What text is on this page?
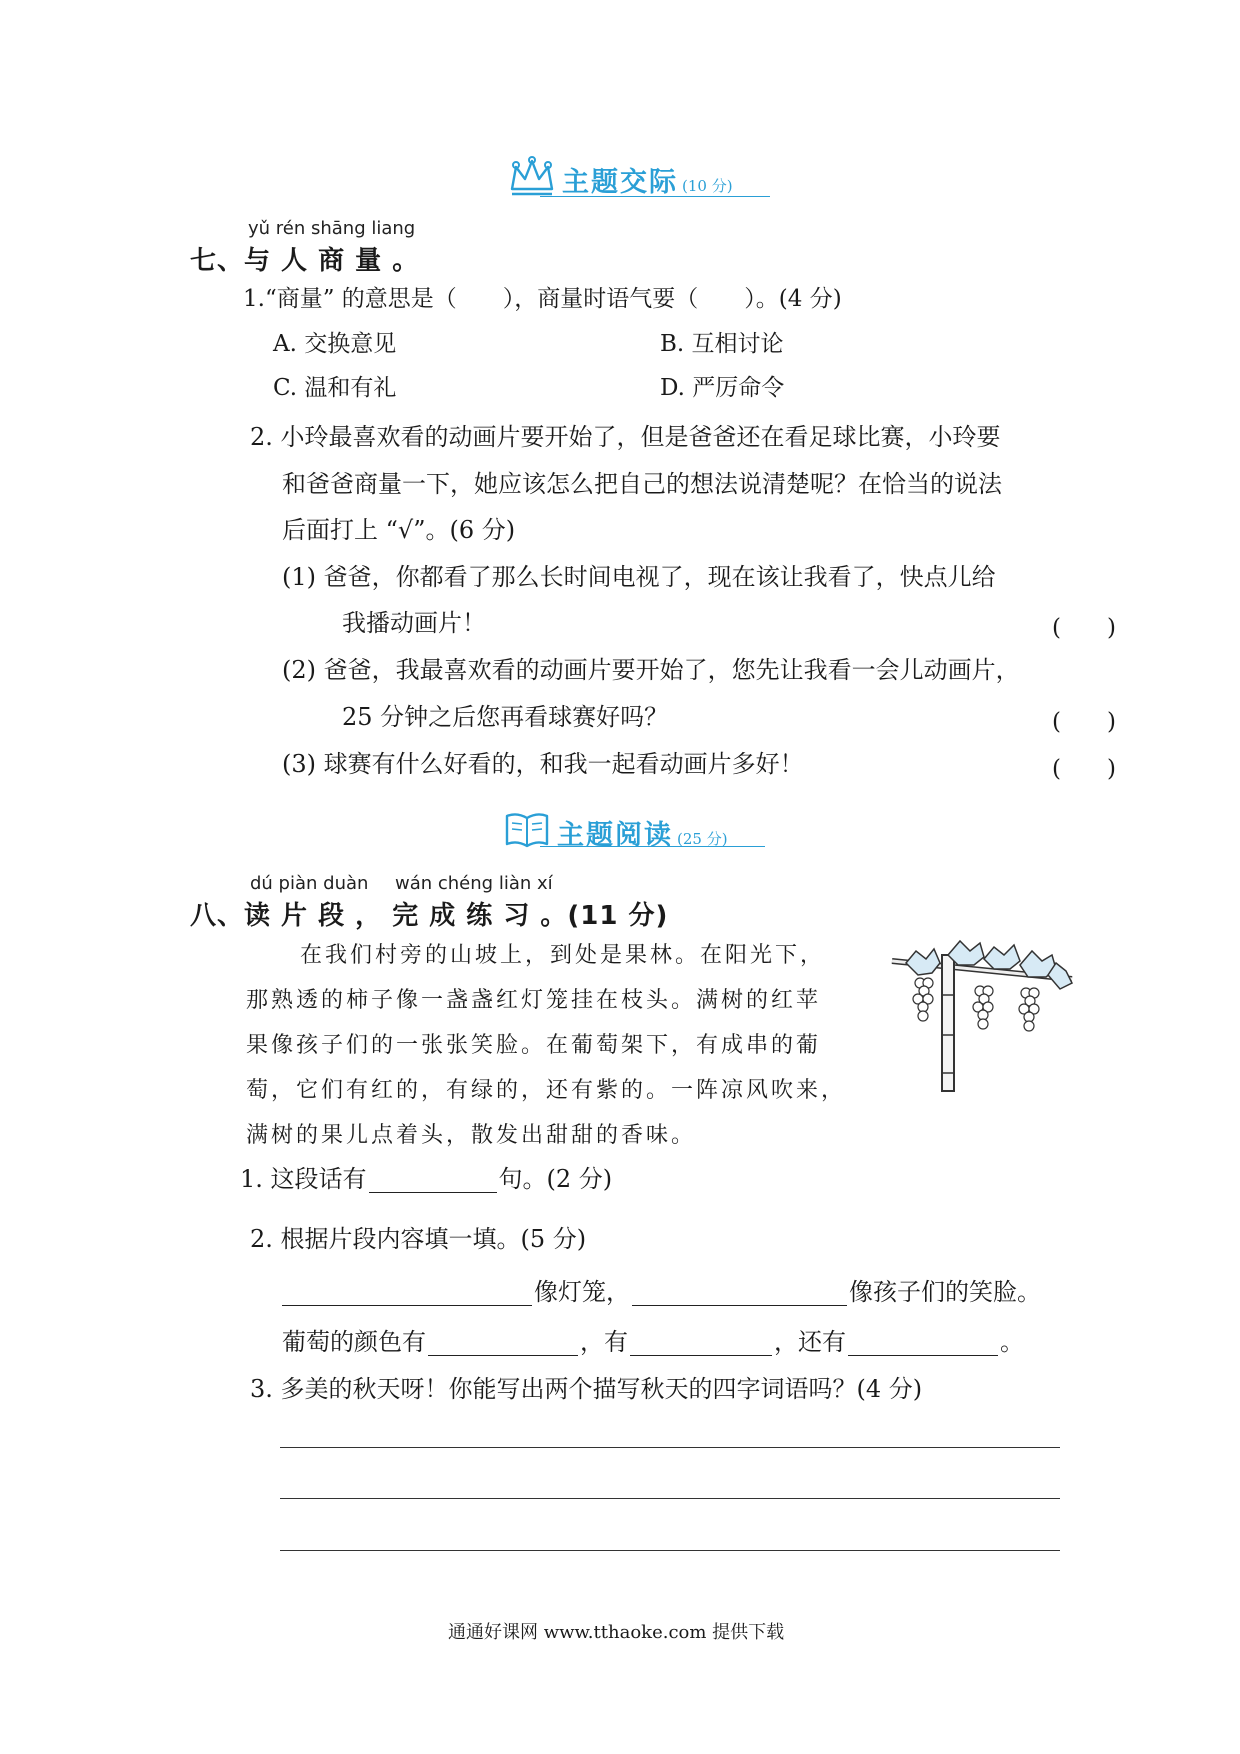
主题交际 (10 分)
yǔ rén shāng liang
七、与 人 商 量 。
1.“商量” 的意思是（　　），商量时语气要（　　）。(4 分)
A. 交换意见	B. 互相讨论
C. 温和有礼	D. 严厉命令
2. 小玲最喜欢看的动画片要开始了，但是爸爸还在看足球比赛，小玲要
和爸爸商量一下，她应该怎么把自己的想法说清楚呢？在恰当的说法
后面打上 “√”。(6 分)
(1) 爸爸，你都看了那么长时间电视了，现在该让我看了，快点儿给
我播动画片！	(　　)
(2) 爸爸，我最喜欢看的动画片要开始了，您先让我看一会儿动画片，
25 分钟之后您再看球赛好吗？	(　　)
(3) 球赛有什么好看的，和我一起看动画片多好！	(　　)
主题阅读 (25 分)
dú piàn duàn wán chéng liàn xí
八、读 片 段 ， 完 成 练 习 。(11 分)
在我们村旁的山坡上，到处是果林。在阳光下，
那熟透的柿子像一盏盏红灯笼挂在枝头。满树的红苹
果像孩子们的一张张笑脸。在葡萄架下，有成串的葡
萄，它们有红的，有绿的，还有紫的。一阵凉风吹来，
满树的果儿点着头，散发出甜甜的香味。
1. 这段话有	句。(2 分)
2. 根据片段内容填一填。(5 分)
像灯笼，	像孩子们的笑脸。
葡萄的颜色有	，有	，还有	。
3. 多美的秋天呀！你能写出两个描写秋天的四字词语吗？(4 分)
通通好课网 www.tthaoke.com 提供下载
